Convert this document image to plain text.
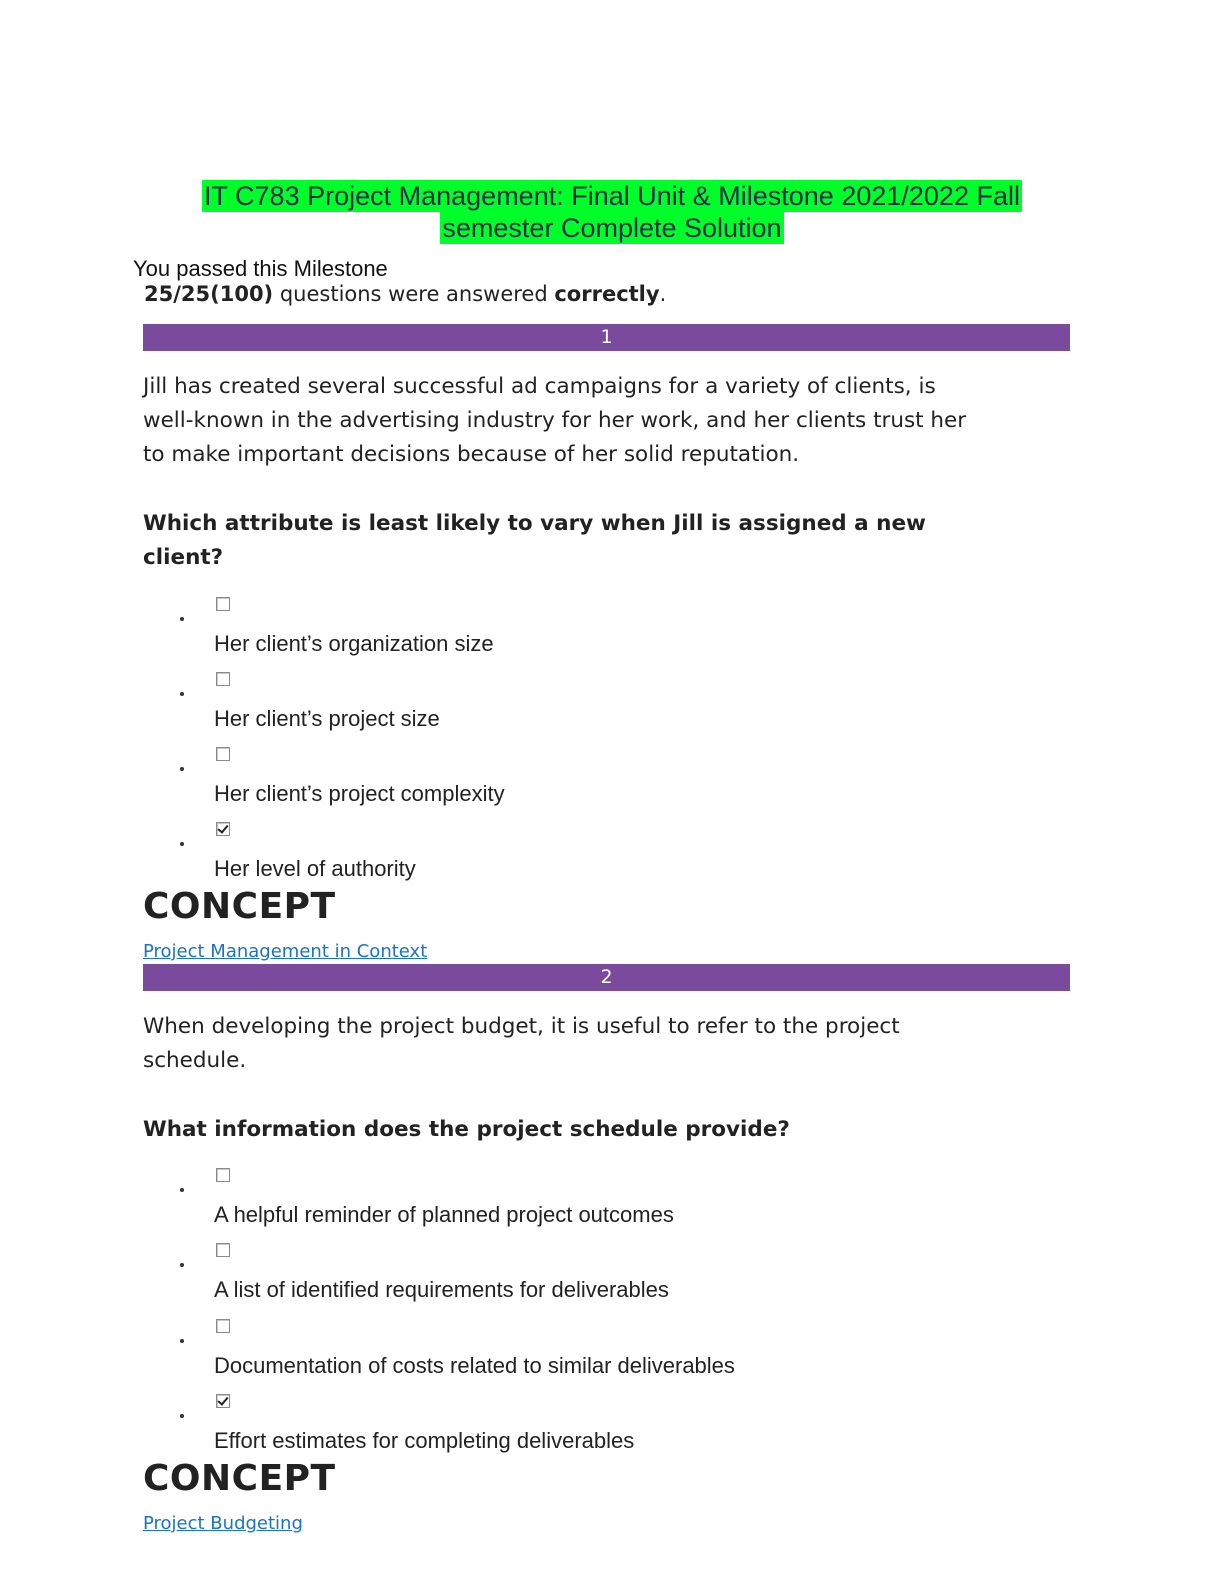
IT C783 Project Management: Final Unit & Milestone 2021/2022 Fall
semester Complete Solution
You passed this Milestone
25/25(100) questions were answered correctly.
1
Jill has created several successful ad campaigns for a variety of clients, is
well-known in the advertising industry for her work, and her clients trust her
to make important decisions because of her solid reputation.
Which attribute is least likely to vary when Jill is assigned a new
client?
Her client’s organization size
Her client’s project size
Her client’s project complexity
Her level of authority
CONCEPT
Project Management in Context
2
When developing the project budget, it is useful to refer to the project
schedule.
What information does the project schedule provide?
A helpful reminder of planned project outcomes
A list of identified requirements for deliverables
Documentation of costs related to similar deliverables
Effort estimates for completing deliverables
CONCEPT
Project Budgeting
